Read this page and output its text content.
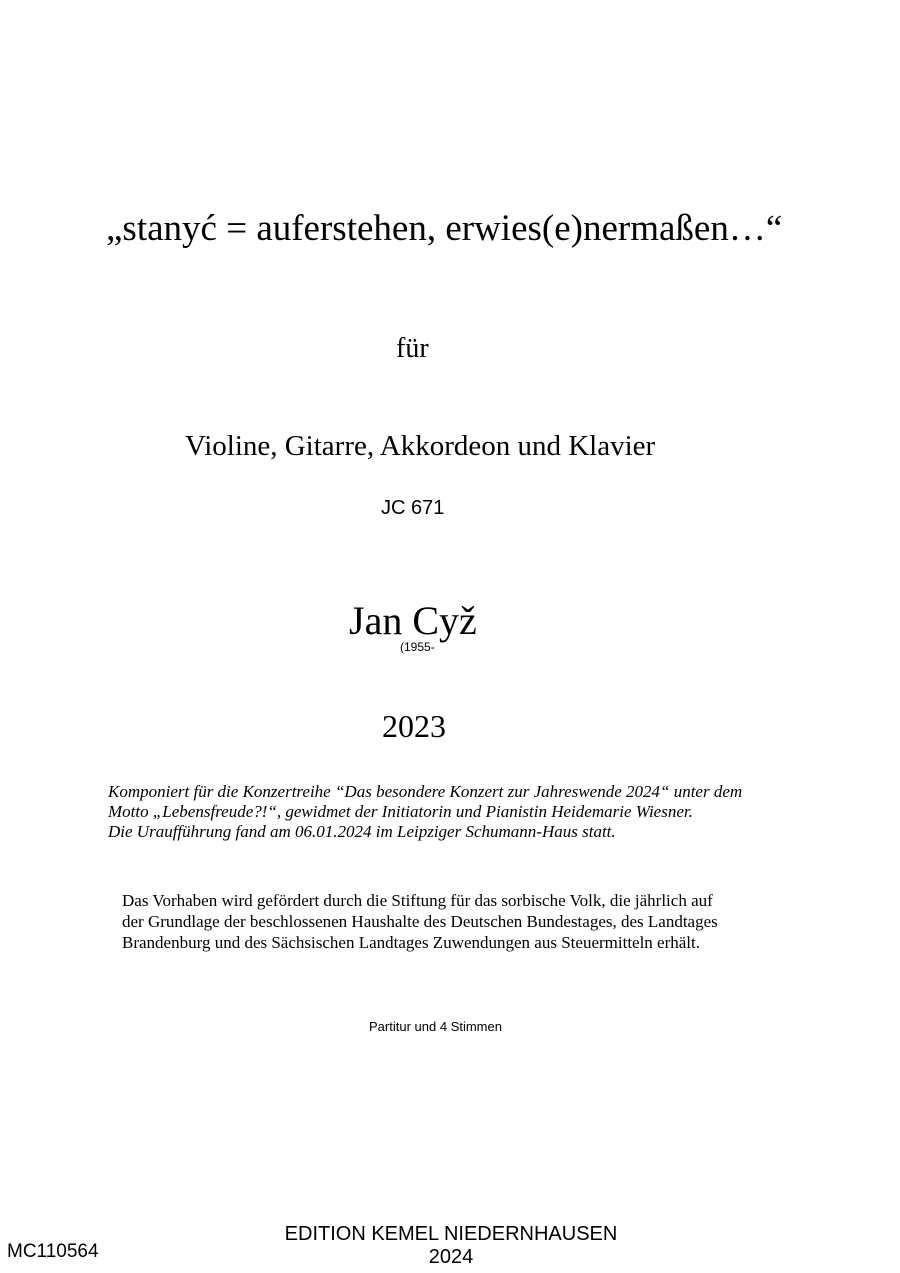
„stanyć = auferstehen, erwies(e)nermaßen…“
für
Violine, Gitarre, Akkordeon und Klavier
JC 671
Jan Cyž
(1955-
2023
Komponiert für die Konzertreihe “Das besondere Konzert zur Jahreswende 2024“ unter dem
Motto „Lebensfreude?!“, gewidmet der Initiatorin und Pianistin Heidemarie Wiesner.
Die Uraufführung fand am 06.01.2024 im Leipziger Schumann-Haus statt.
Das Vorhaben wird gefördert durch die Stiftung für das sorbische Volk, die jährlich auf
der Grundlage der beschlossenen Haushalte des Deutschen Bundestages, des Landtages
Brandenburg und des Sächsischen Landtages Zuwendungen aus Steuermitteln erhält.
Partitur und 4 Stimmen
EDITION KEMEL NIEDERNHAUSEN
2024
MC110564
